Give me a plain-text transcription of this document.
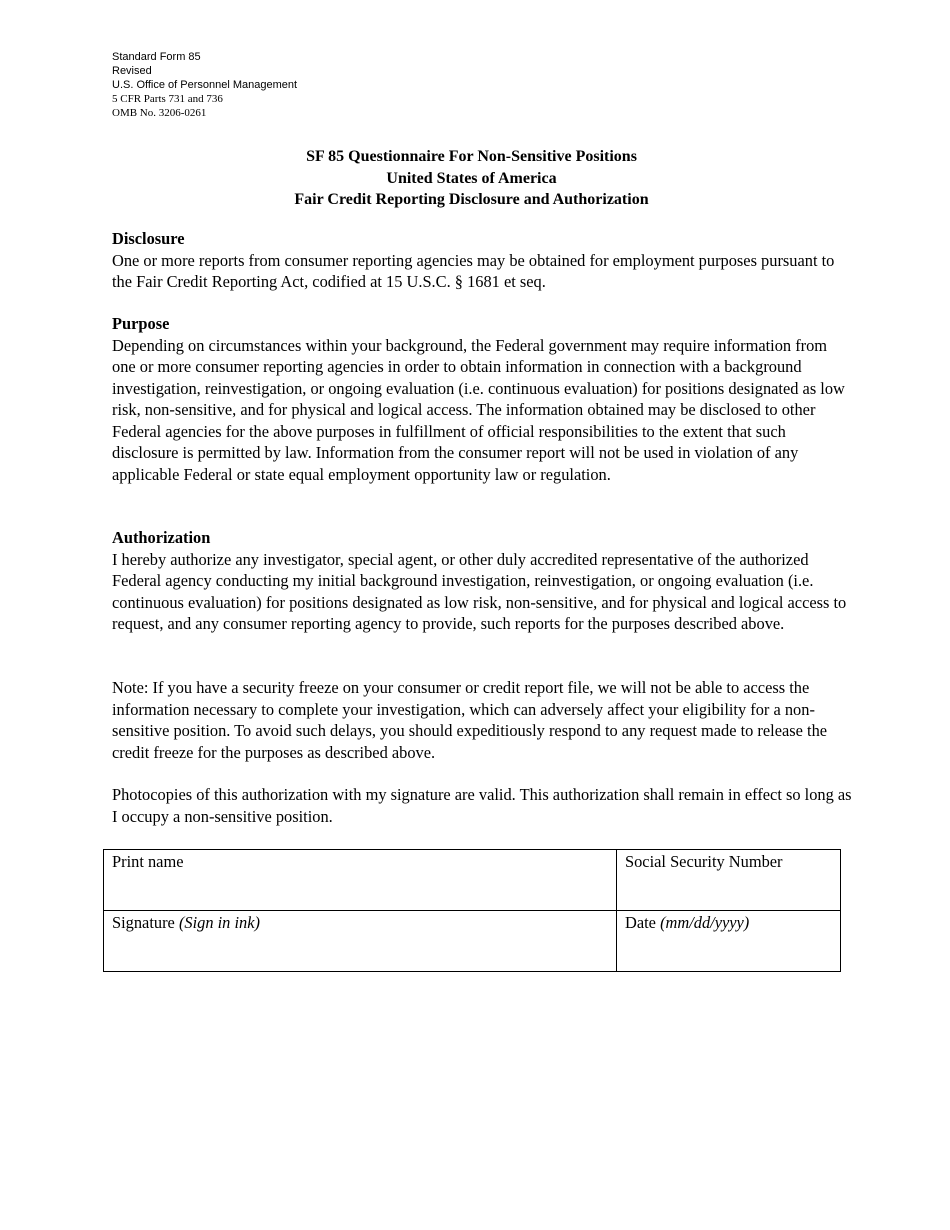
Standard Form 85
Revised
U.S. Office of Personnel Management
5 CFR Parts 731 and 736
OMB No. 3206-0261
SF 85 Questionnaire For Non-Sensitive Positions
United States of America
Fair Credit Reporting Disclosure and Authorization
Disclosure

One or more reports from consumer reporting agencies may be obtained for employment purposes pursuant to the Fair Credit Reporting Act, codified at 15 U.S.C. § 1681 et seq.

Purpose

Depending on circumstances within your background, the Federal government may require information from one or more consumer reporting agencies in order to obtain information in connection with a background investigation, reinvestigation, or ongoing evaluation (i.e. continuous evaluation) for positions designated as low risk, non-sensitive, and for physical and logical access. The information obtained may be disclosed to other Federal agencies for the above purposes in fulfillment of official responsibilities to the extent that such disclosure is permitted by law. Information from the consumer report will not be used in violation of any applicable Federal or state equal employment opportunity law or regulation.

Authorization

I hereby authorize any investigator, special agent, or other duly accredited representative of the authorized Federal agency conducting my initial background investigation, reinvestigation, or ongoing evaluation (i.e. continuous evaluation) for positions designated as low risk, non-sensitive, and for physical and logical access to request, and any consumer reporting agency to provide, such reports for the purposes described above.

Note: If you have a security freeze on your consumer or credit report file, we will not be able to access the information necessary to complete your investigation, which can adversely affect your eligibility for a non-sensitive position. To avoid such delays, you should expeditiously respond to any request made to release the credit freeze for the purposes as described above.

Photocopies of this authorization with my signature are valid. This authorization shall remain in effect so long as I occupy a non-sensitive position.

Print name	Social Security Number
Signature (Sign in ink)	Date (mm/dd/yyyy)
